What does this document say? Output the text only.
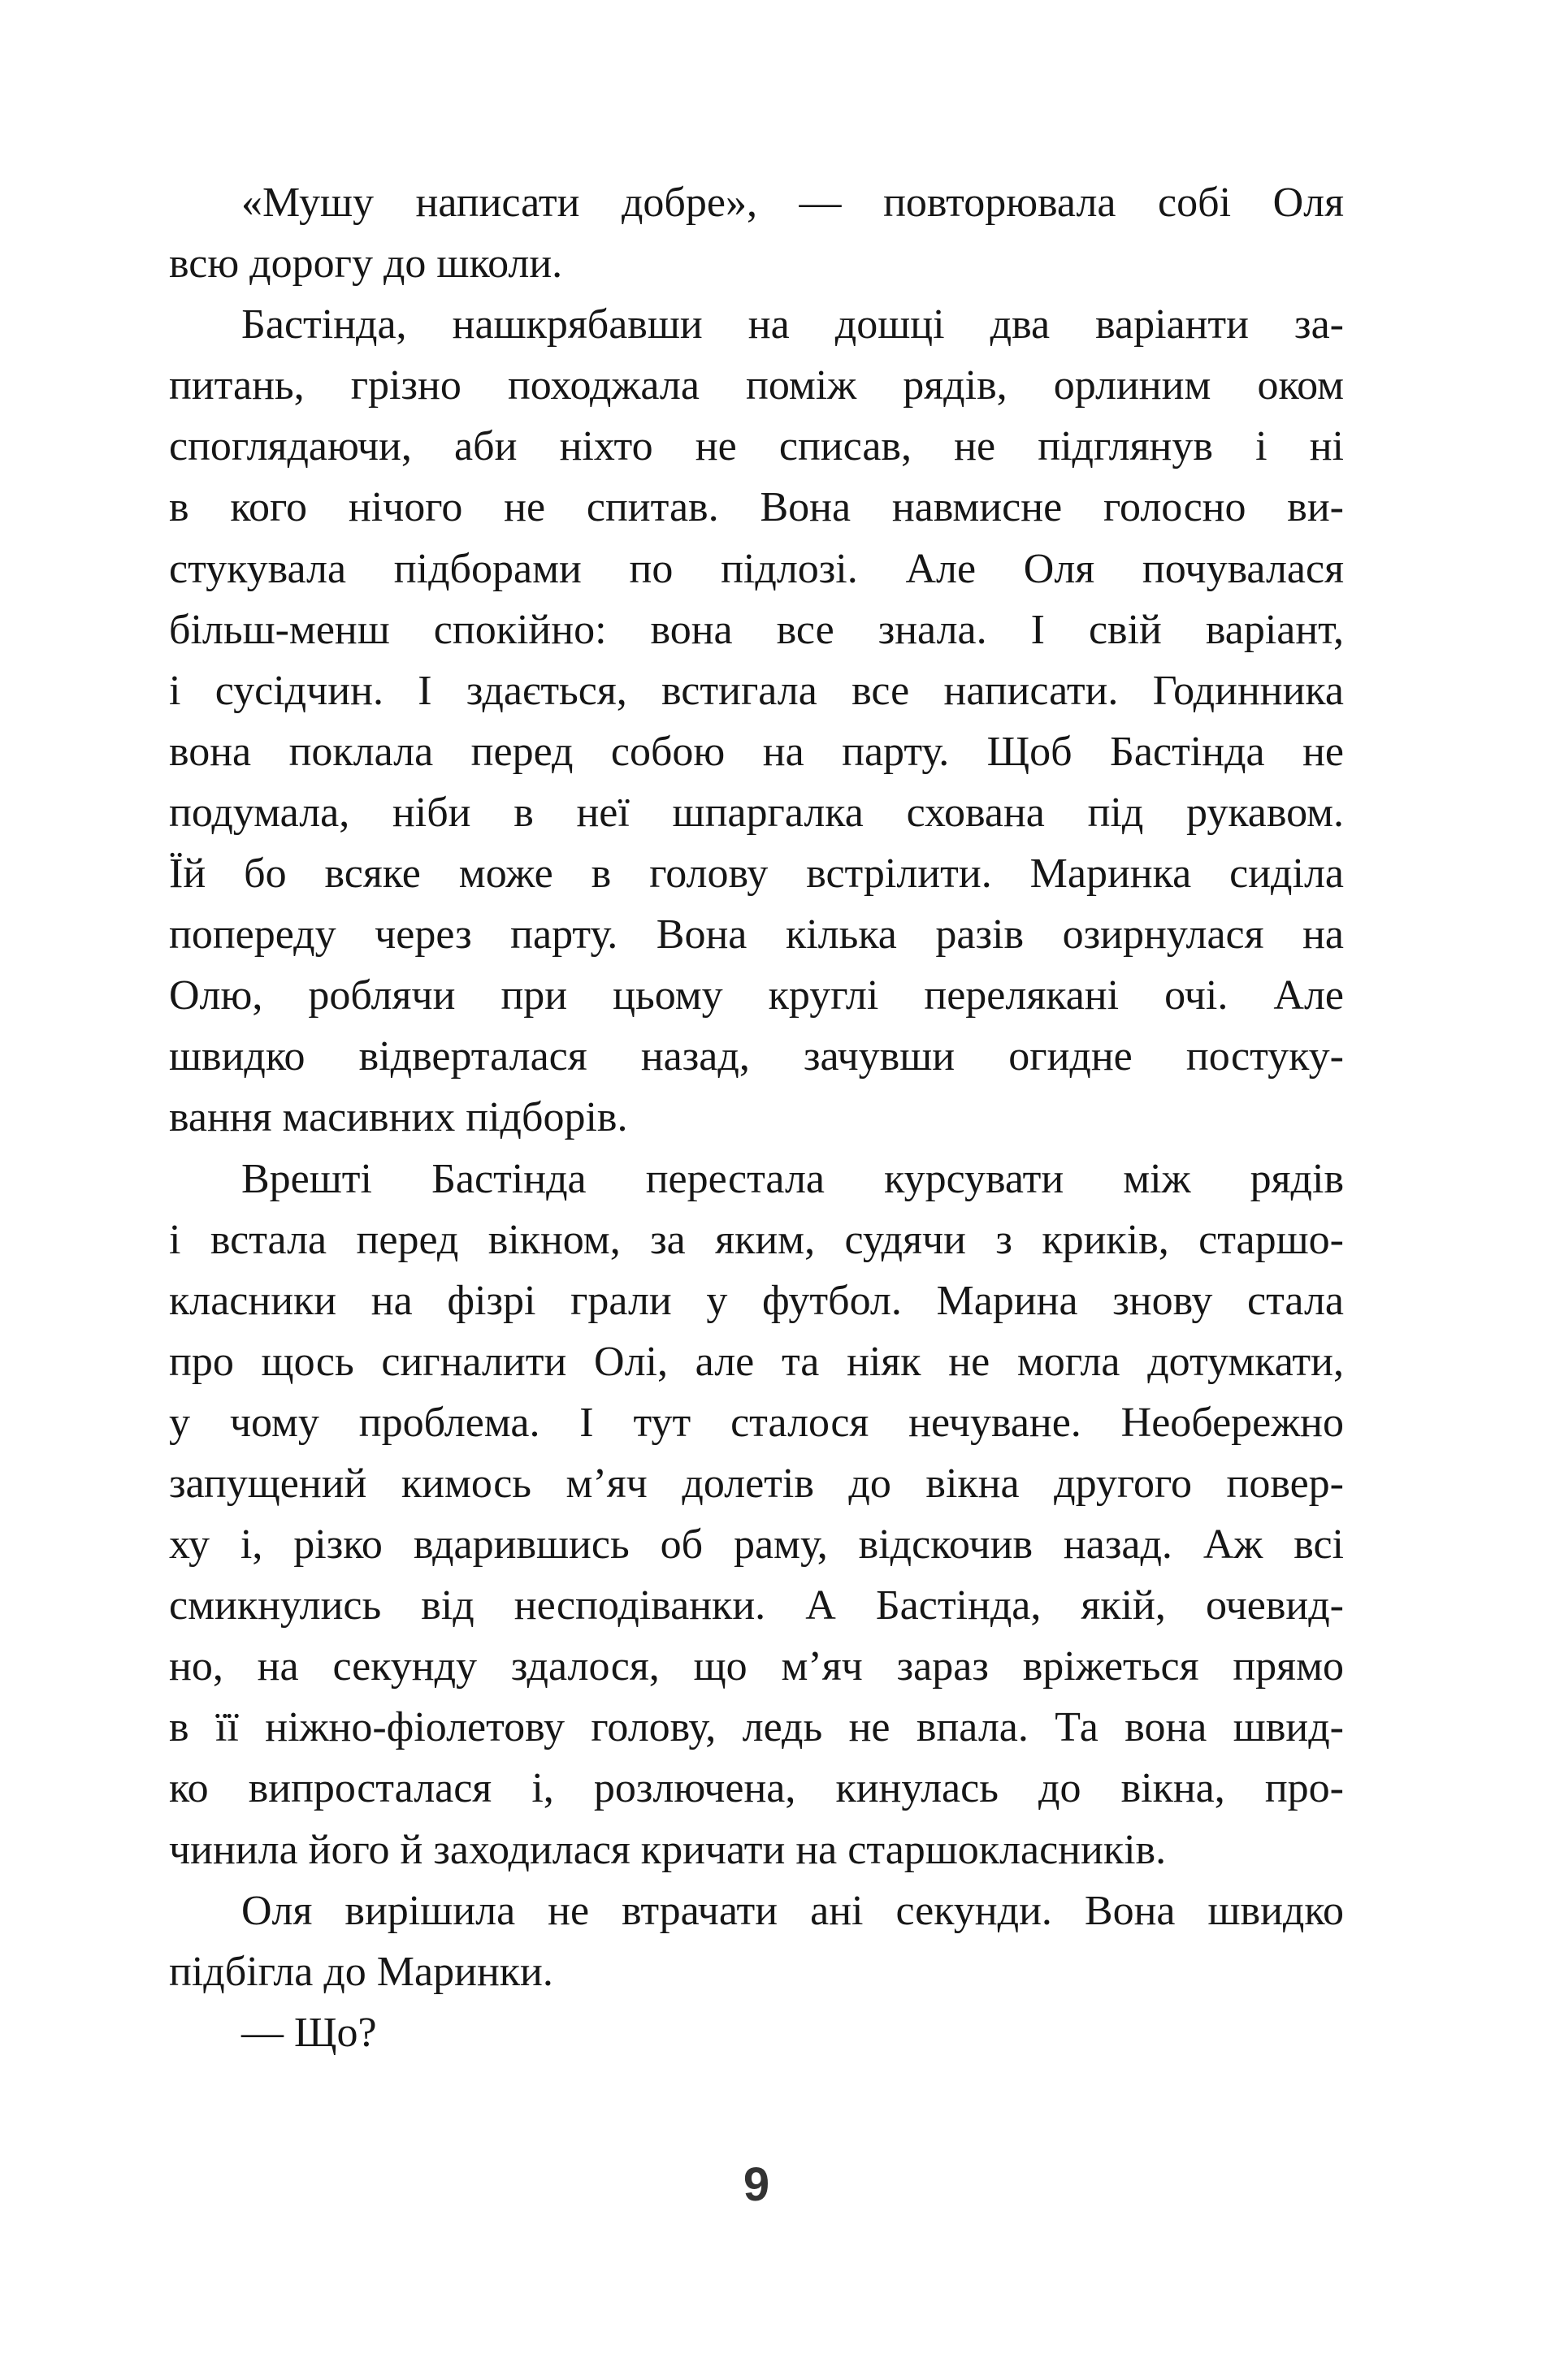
«Мушу написати добре», — повторювала собі Оля
всю дорогу до школи.
Бастінда, нашкрябавши на дошці два варіанти за-
питань, грізно походжала поміж рядів, орлиним оком
споглядаючи, аби ніхто не списав, не підглянув і ні
в кого нічого не спитав. Вона навмисне голосно ви-
стукувала підборами по підлозі. Але Оля почувалася
більш-менш спокійно: вона все знала. І свій варіант,
і сусідчин. І здається, встигала все написати. Годинника
вона поклала перед собою на парту. Щоб Бастінда не
подумала, ніби в неї шпаргалка схована під рукавом.
Їй бо всяке може в голову встрілити. Маринка сиділа
попереду через парту. Вона кілька разів озирнулася на
Олю, роблячи при цьому круглі перелякані очі. Але
швидко відверталася назад, зачувши огидне постуку-
вання масивних підборів.
Врешті Бастінда перестала курсувати між рядів
і встала перед вікном, за яким, судячи з криків, старшо-
класники на фізрі грали у футбол. Марина знову стала
про щось сигналити Олі, але та ніяк не могла дотумкати,
у чому проблема. І тут сталося нечуване. Необережно
запущений кимось м’яч долетів до вікна другого повер-
ху і, різко вдарившись об раму, відскочив назад. Аж всі
смикнулись від несподіванки. А Бастінда, якій, очевид-
но, на секунду здалося, що м’яч зараз вріжеться прямо
в її ніжно-фіолетову голову, ледь не впала. Та вона швид-
ко випросталася і, розлючена, кинулась до вікна, про-
чинила його й заходилася кричати на старшокласників.
Оля вирішила не втрачати ані секунди. Вона швидко
підбігла до Маринки.
— Що?
9
